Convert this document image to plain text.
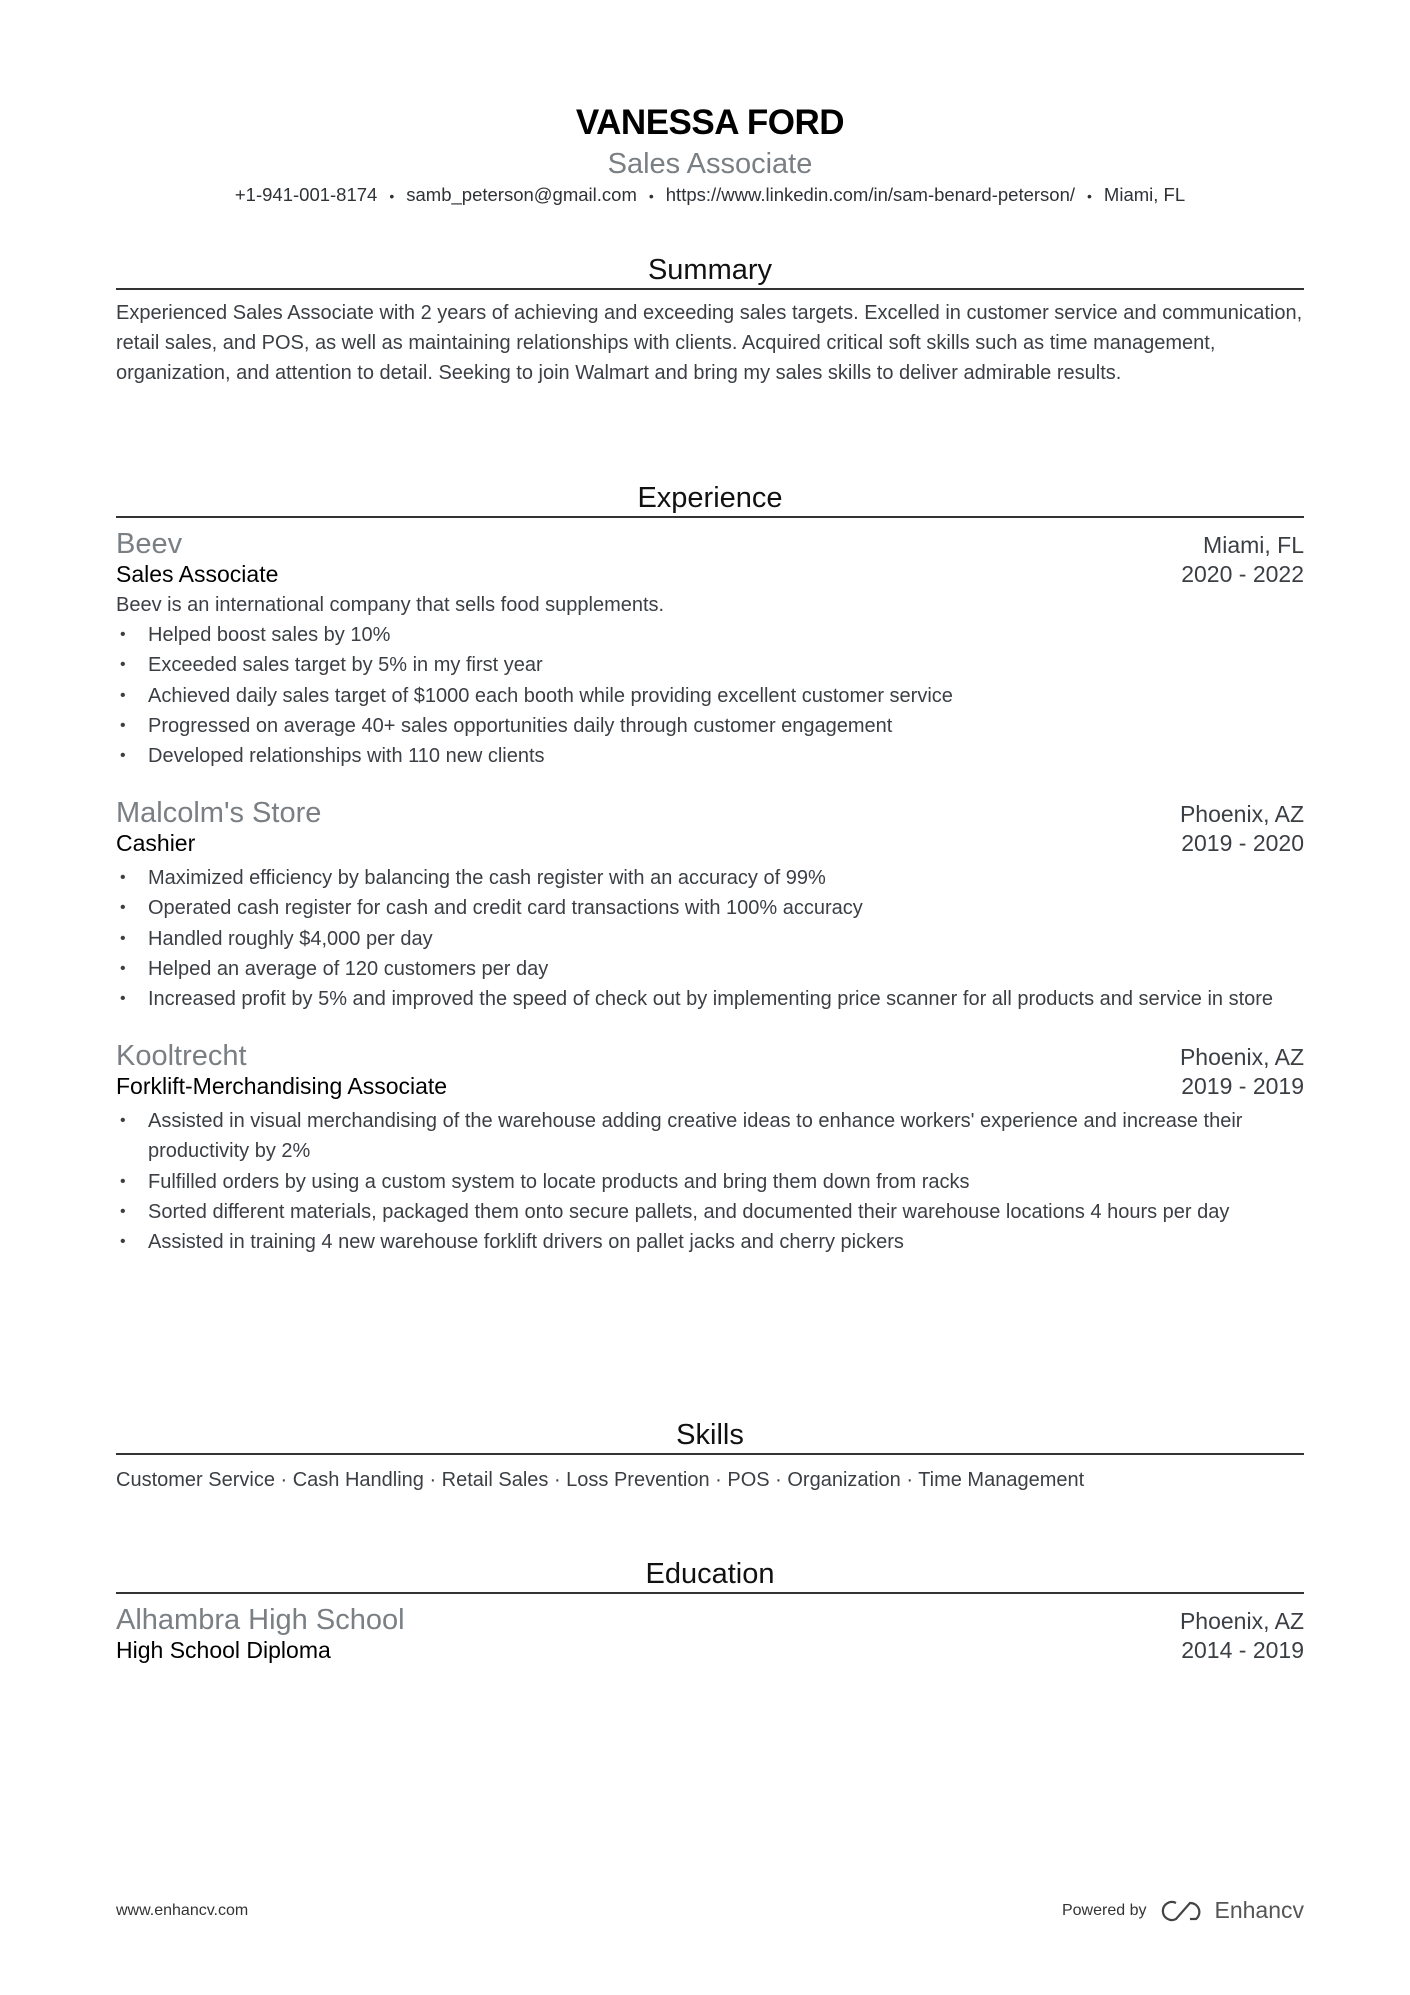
VANESSA FORD
Sales Associate
+1-941-001-8174 • samb_peterson@gmail.com • https://www.linkedin.com/in/sam-benard-peterson/ • Miami, FL
Summary

Experienced Sales Associate with 2 years of achieving and exceeding sales targets. Excelled in customer service and communication, retail sales, and POS, as well as maintaining relationships with clients. Acquired critical soft skills such as time management, organization, and attention to detail. Seeking to join Walmart and bring my sales skills to deliver admirable results.

Experience
Beev	Miami, FL
Sales Associate	2020 - 2022

Beev is an international company that sells food supplements.

• Helped boost sales by 10%
• Exceeded sales target by 5% in my first year
• Achieved daily sales target of $1000 each booth while providing excellent customer service
• Progressed on average 40+ sales opportunities daily through customer engagement
• Developed relationships with 110 new clients
Malcolm's Store	Phoenix, AZ
Cashier	2019 - 2020
• Maximized efficiency by balancing the cash register with an accuracy of 99%
• Operated cash register for cash and credit card transactions with 100% accuracy
• Handled roughly $4,000 per day
• Helped an average of 120 customers per day
• Increased profit by 5% and improved the speed of check out by implementing price scanner for all products and service in store
Kooltrecht	Phoenix, AZ
Forklift-Merchandising Associate	2019 - 2019
• Assisted in visual merchandising of the warehouse adding creative ideas to enhance workers' experience and increase their productivity by 2%
• Fulfilled orders by using a custom system to locate products and bring them down from racks
• Sorted different materials, packaged them onto secure pallets, and documented their warehouse locations 4 hours per day
• Assisted in training 4 new warehouse forklift drivers on pallet jacks and cherry pickers
Skills

Customer Service · Cash Handling · Retail Sales · Loss Prevention · POS · Organization · Time Management

Education
Alhambra High School	Phoenix, AZ
High School Diploma	2014 - 2019
www.enhancv.com	Powered by	Enhancv
